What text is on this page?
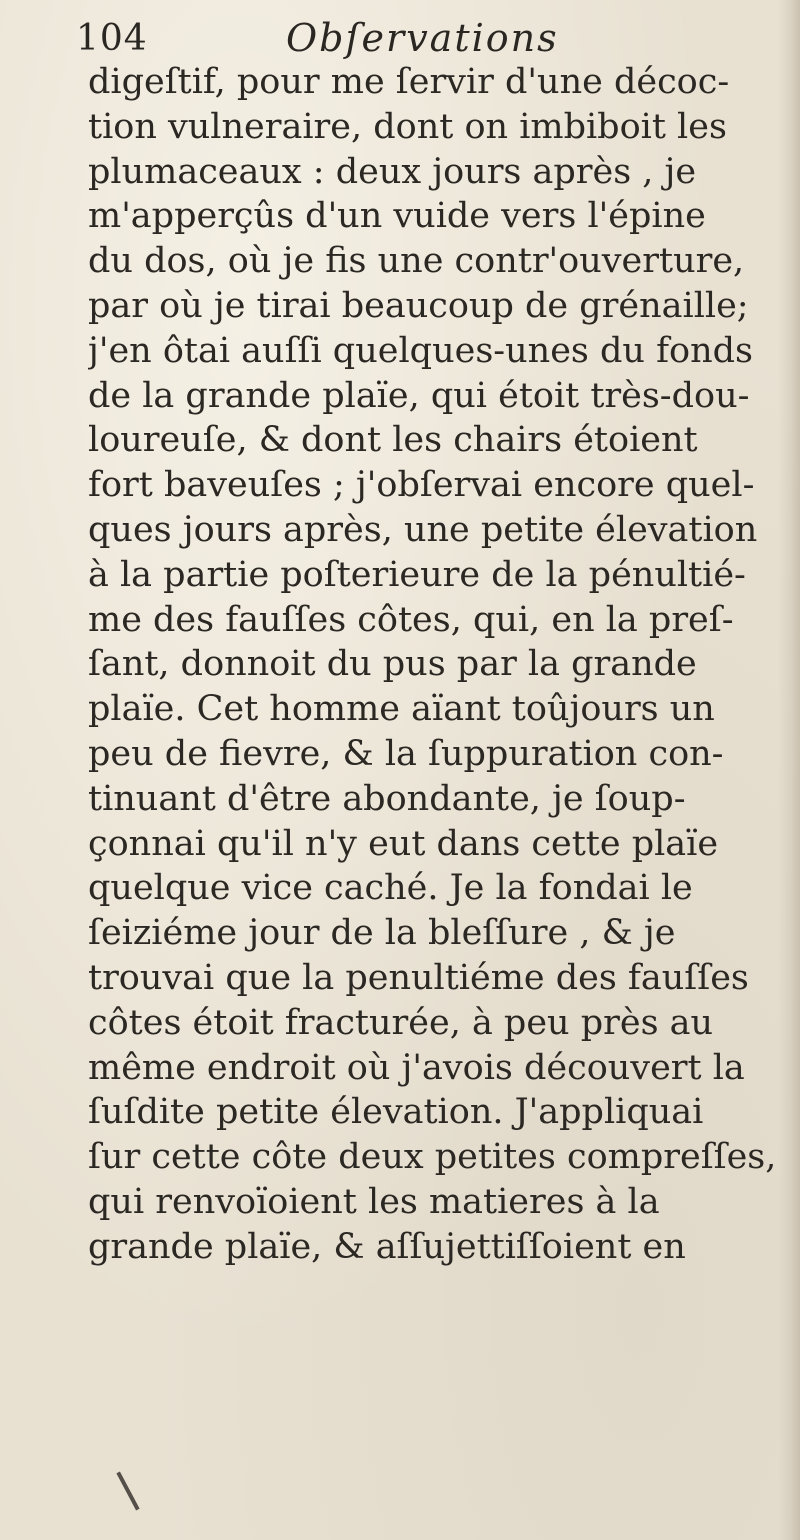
104	Obſervations
digeſtif, pour me ſervir d'une décoc-
tion vulneraire, dont on imbiboit les
plumaceaux : deux jours après , je
m'apperçûs d'un vuide vers l'épine
du dos, où je fis une contr'ouverture,
par où je tirai beaucoup de grénaille;
j'en ôtai auſſi quelques-unes du fonds
de la grande plaïe, qui étoit très-dou-
loureuſe, & dont les chairs étoient
fort baveuſes ; j'obſervai encore quel-
ques jours après, une petite élevation
à la partie poſterieure de la pénultié-
me des fauſſes côtes, qui, en la preſ-
ſant, donnoit du pus par la grande
plaïe. Cet homme aïant toûjours un
peu de fievre, & la ſuppuration con-
tinuant d'être abondante, je ſoup-
çonnai qu'il n'y eut dans cette plaïe
quelque vice caché. Je la fondai le
ſeiziéme jour de la bleſſure , & je
trouvai que la penultiéme des fauſſes
côtes étoit fracturée, à peu près au
même endroit où j'avois découvert la
ſuſdite petite élevation. J'appliquai
ſur cette côte deux petites compreſſes,
qui renvoïoient les matieres à la
grande plaïe, & aſſujettiſſoient en
